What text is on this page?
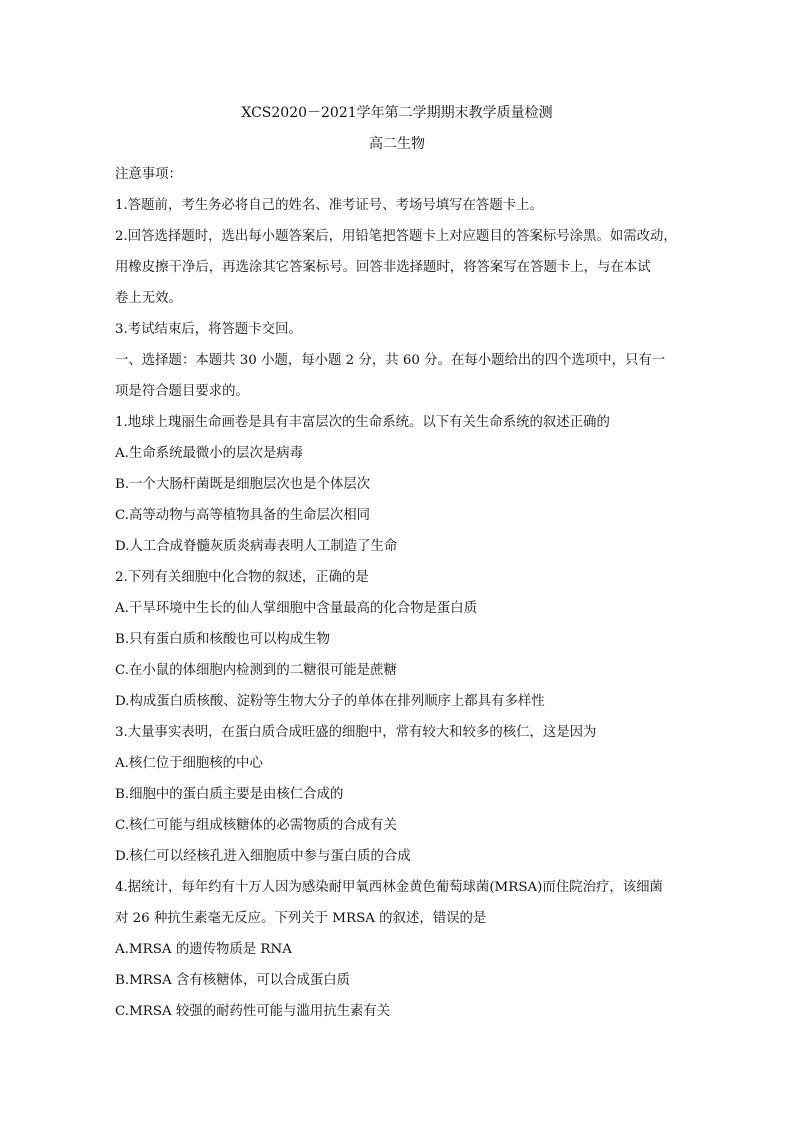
XCS2020－2021学年第二学期期末教学质量检测
高二生物
注意事项：
1.答题前，考生务必将自己的姓名、准考证号、考场号填写在答题卡上。
2.回答选择题时，选出每小题答案后，用铅笔把答题卡上对应题目的答案标号涂黑。如需改动，
用橡皮擦干净后，再选涂其它答案标号。回答非选择题时，将答案写在答题卡上，与在本试
卷上无效。
3.考试结束后，将答题卡交回。
一、选择题：本题共 30 小题，每小题 2 分，共 60 分。在每小题给出的四个选项中，只有一
项是符合题目要求的。
1.地球上瑰丽生命画卷是具有丰富层次的生命系统。以下有关生命系统的叙述正确的
A.生命系统最微小的层次是病毒
B.一个大肠杆菌既是细胞层次也是个体层次
C.高等动物与高等植物具备的生命层次相同
D.人工合成脊髓灰质炎病毒表明人工制造了生命
2.下列有关细胞中化合物的叙述，正确的是
A.干旱环境中生长的仙人掌细胞中含量最高的化合物是蛋白质
B.只有蛋白质和核酸也可以构成生物
C.在小鼠的体细胞内检测到的二糖很可能是蔗糖
D.构成蛋白质核酸、淀粉等生物大分子的单体在排列顺序上都具有多样性
3.大量事实表明，在蛋白质合成旺盛的细胞中，常有较大和较多的核仁，这是因为
A.核仁位于细胞核的中心
B.细胞中的蛋白质主要是由核仁合成的
C.核仁可能与组成核糖体的必需物质的合成有关
D.核仁可以经核孔进入细胞质中参与蛋白质的合成
4.据统计，每年约有十万人因为感染耐甲氧西林金黄色葡萄球菌(MRSA)而住院治疗，该细菌
对 26 种抗生素毫无反应。下列关于 MRSA 的叙述，错误的是
A.MRSA 的遗传物质是 RNA
B.MRSA 含有核糖体，可以合成蛋白质
C.MRSA 较强的耐药性可能与滥用抗生素有关
